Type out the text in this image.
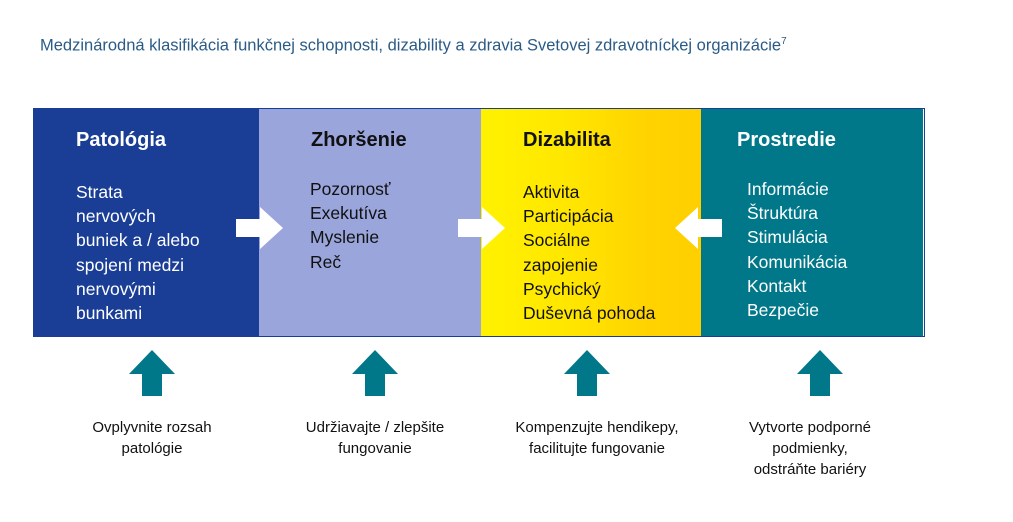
Medzinárodná klasifikácia funkčnej schopnosti, dizability a zdravia Svetovej zdravotníckej organizácie$^7$
Patológia	Zhoršenie	Dizabilita	Prostredie
Strata
nervových
buniek a / alebo
spojení medzi
nervovými
bunkami
Pozornosť
Exekutíva
Myslenie
Reč
Aktivita
Participácia
Sociálne
zapojenie
Psychický
Duševná pohoda
Informácie
Štruktúra
Stimulácia
Komunikácia
Kontakt
Bezpečie
Ovplyvnite rozsah
patológie
Udržiavajte / zlepšite
fungovanie
Kompenzujte hendikepy,
facilitujte fungovanie
Vytvorte podporné
podmienky,
odstráňte bariéry
